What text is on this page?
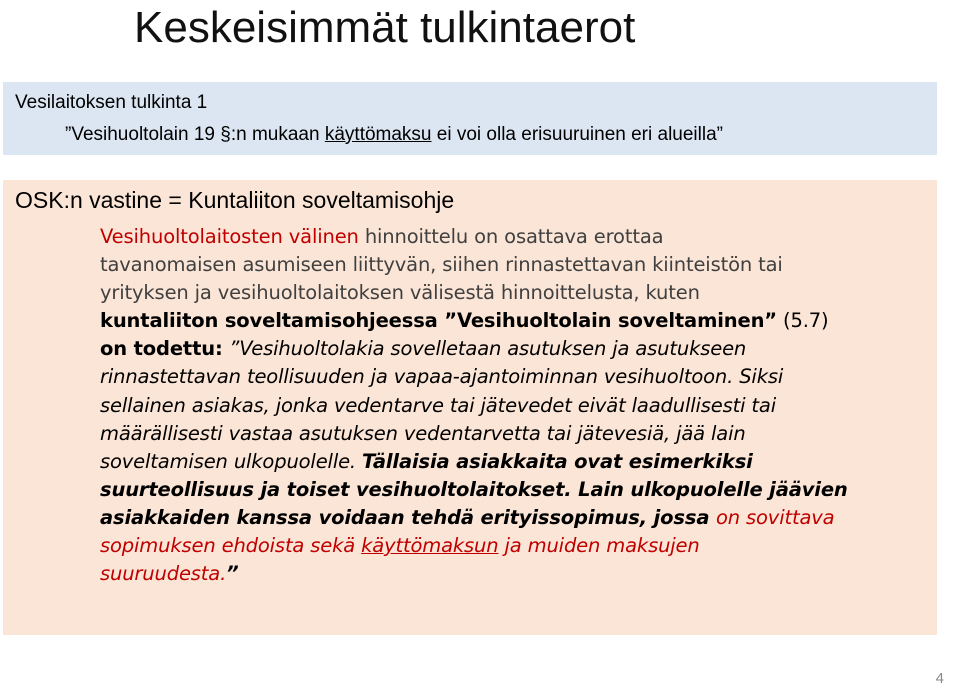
Keskeisimmät tulkintaerot
Vesilaitoksen tulkinta 1
”Vesihuoltolain 19 §:n mukaan käyttömaksu ei voi olla erisuuruinen eri alueilla”
OSK:n vastine = Kuntaliiton soveltamisohje
Vesihuoltolaitosten välinen hinnoittelu on osattava erottaa
tavanomaisen asumiseen liittyvän, siihen rinnastettavan kiinteistön tai
yrityksen ja vesihuoltolaitoksen välisestä hinnoittelusta, kuten
kuntaliiton soveltamisohjeessa ”Vesihuoltolain soveltaminen” (5.7)
on todettu: ”Vesihuoltolakia sovelletaan asutuksen ja asutukseen
rinnastettavan teollisuuden ja vapaa-ajantoiminnan vesihuoltoon. Siksi
sellainen asiakas, jonka vedentarve tai jätevedet eivät laadullisesti tai
määrällisesti vastaa asutuksen vedentarvetta tai jätevesiä, jää lain
soveltamisen ulkopuolelle. Tällaisia asiakkaita ovat esimerkiksi
suurteollisuus ja toiset vesihuoltolaitokset. Lain ulkopuolelle jäävien
asiakkaiden kanssa voidaan tehdä erityissopimus, jossa on sovittava
sopimuksen ehdoista sekä käyttömaksun ja muiden maksujen
suuruudesta.”
4
